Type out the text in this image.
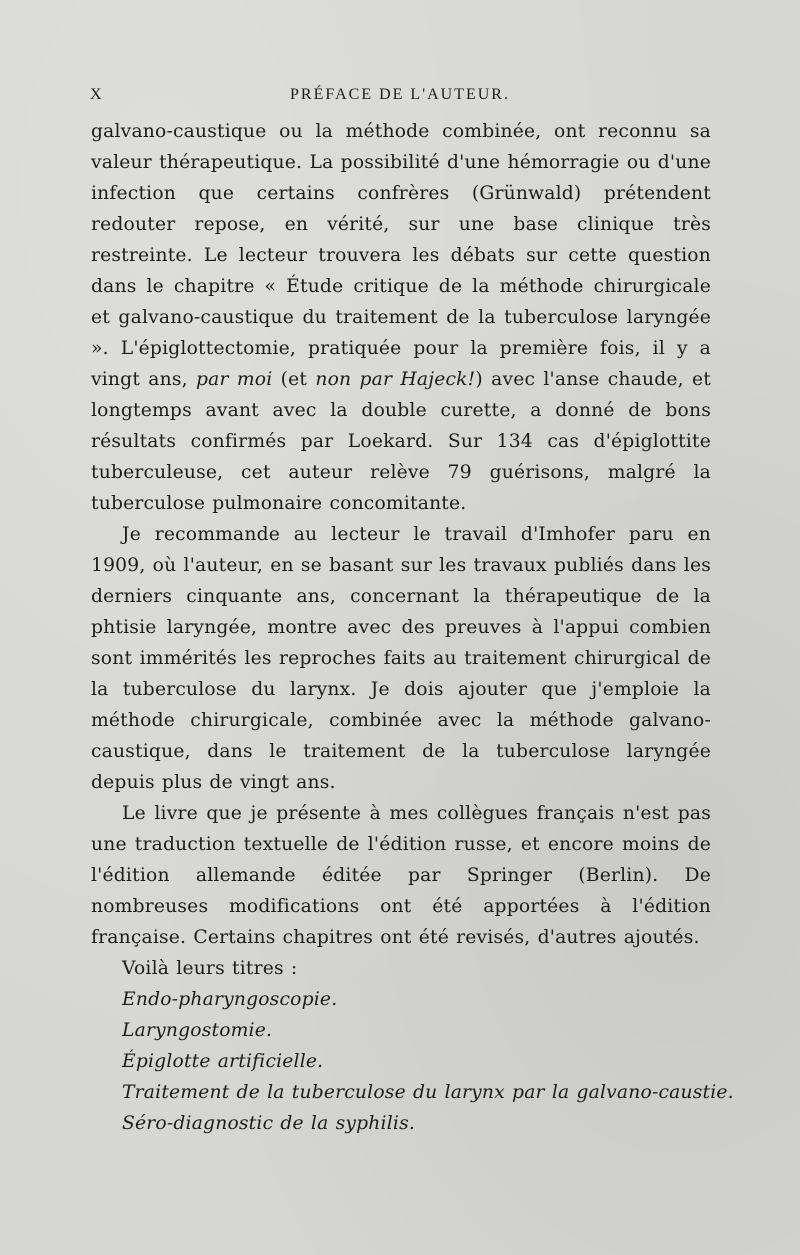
X	PRÉFACE DE L'AUTEUR.

galvano-caustique ou la méthode combinée, ont reconnu sa valeur thérapeutique. La possibilité d'une hémorragie ou d'une infection que certains confrères (Grünwald) prétendent redouter repose, en vérité, sur une base clinique très restreinte. Le lecteur trouvera les débats sur cette question dans le chapitre « Étude critique de la méthode chirurgicale et galvano-caustique du traitement de la tuberculose laryngée ». L'épiglottectomie, pratiquée pour la première fois, il y a vingt ans, par moi (et non par Hajeck!) avec l'anse chaude, et longtemps avant avec la double curette, a donné de bons résultats confirmés par Loekard. Sur 134 cas d'épiglottite tuberculeuse, cet auteur relève 79 guérisons, malgré la tuberculose pulmonaire concomitante.

Je recommande au lecteur le travail d'Imhofer paru en 1909, où l'auteur, en se basant sur les travaux publiés dans les derniers cinquante ans, concernant la thérapeutique de la phtisie laryngée, montre avec des preuves à l'appui combien sont immérités les reproches faits au traitement chirurgical de la tuberculose du larynx. Je dois ajouter que j'emploie la méthode chirurgicale, combinée avec la méthode galvano-caustique, dans le traitement de la tuberculose laryngée depuis plus de vingt ans.

Le livre que je présente à mes collègues français n'est pas une traduction textuelle de l'édition russe, et encore moins de l'édition allemande éditée par Springer (Berlin). De nombreuses modifications ont été apportées à l'édition française. Certains chapitres ont été revisés, d'autres ajoutés.

Voilà leurs titres :
Endo-pharyngoscopie.
Laryngostomie.
Épiglotte artificielle.
Traitement de la tuberculose du larynx par la galvano-caustie.
Séro-diagnostic de la syphilis.
